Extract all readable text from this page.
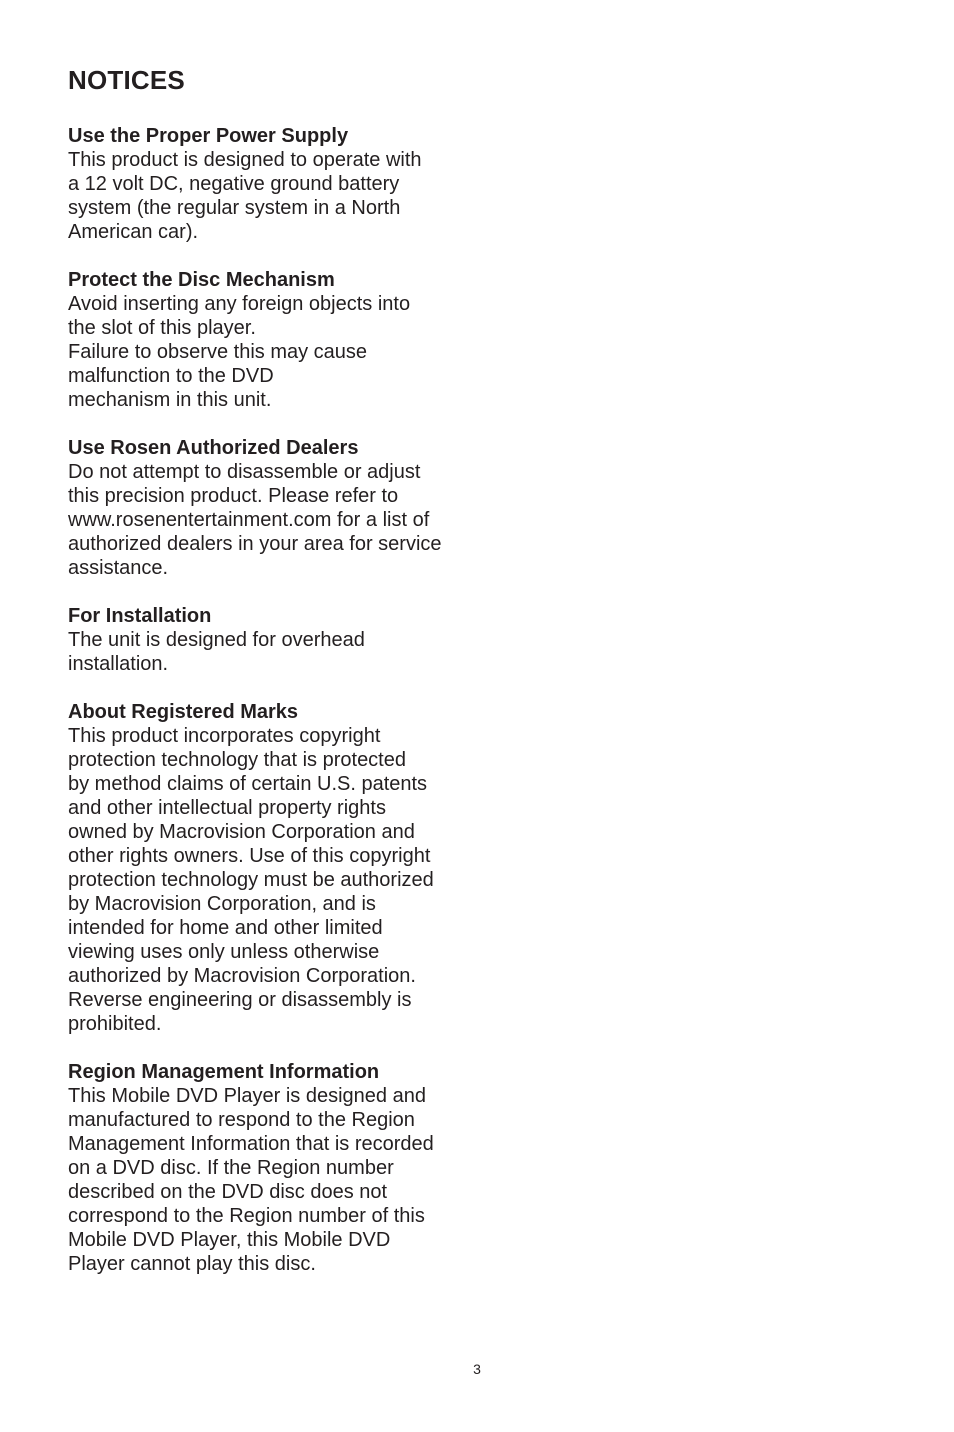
NOTICES

Use the Proper Power Supply

This product is designed to operate with
a 12 volt DC, negative ground battery
system (the regular system in a North
American car).

Protect the Disc Mechanism

Avoid inserting any foreign objects into
the slot of this player.
Failure to observe this may cause
malfunction to the DVD
mechanism in this unit.

Use Rosen Authorized Dealers

Do not attempt to disassemble or adjust
this precision product. Please refer to
www.rosenentertainment.com for a list of
authorized dealers in your area for service
assistance.

For Installation

The unit is designed for overhead
installation.

About Registered Marks

This product incorporates copyright
protection technology that is protected
by method claims of certain U.S. patents
and other intellectual property rights
owned by Macrovision Corporation and
other rights owners. Use of this copyright
protection technology must be authorized
by Macrovision Corporation, and is
intended for home and other limited
viewing uses only unless otherwise
authorized by Macrovision Corporation.
Reverse engineering or disassembly is
prohibited.

Region Management Information

This Mobile DVD Player is designed and
manufactured to respond to the Region
Management Information that is recorded
on a DVD disc. If the Region number
described on the DVD disc does not
correspond to the Region number of this
Mobile DVD Player, this Mobile DVD
Player cannot play this disc.
3
